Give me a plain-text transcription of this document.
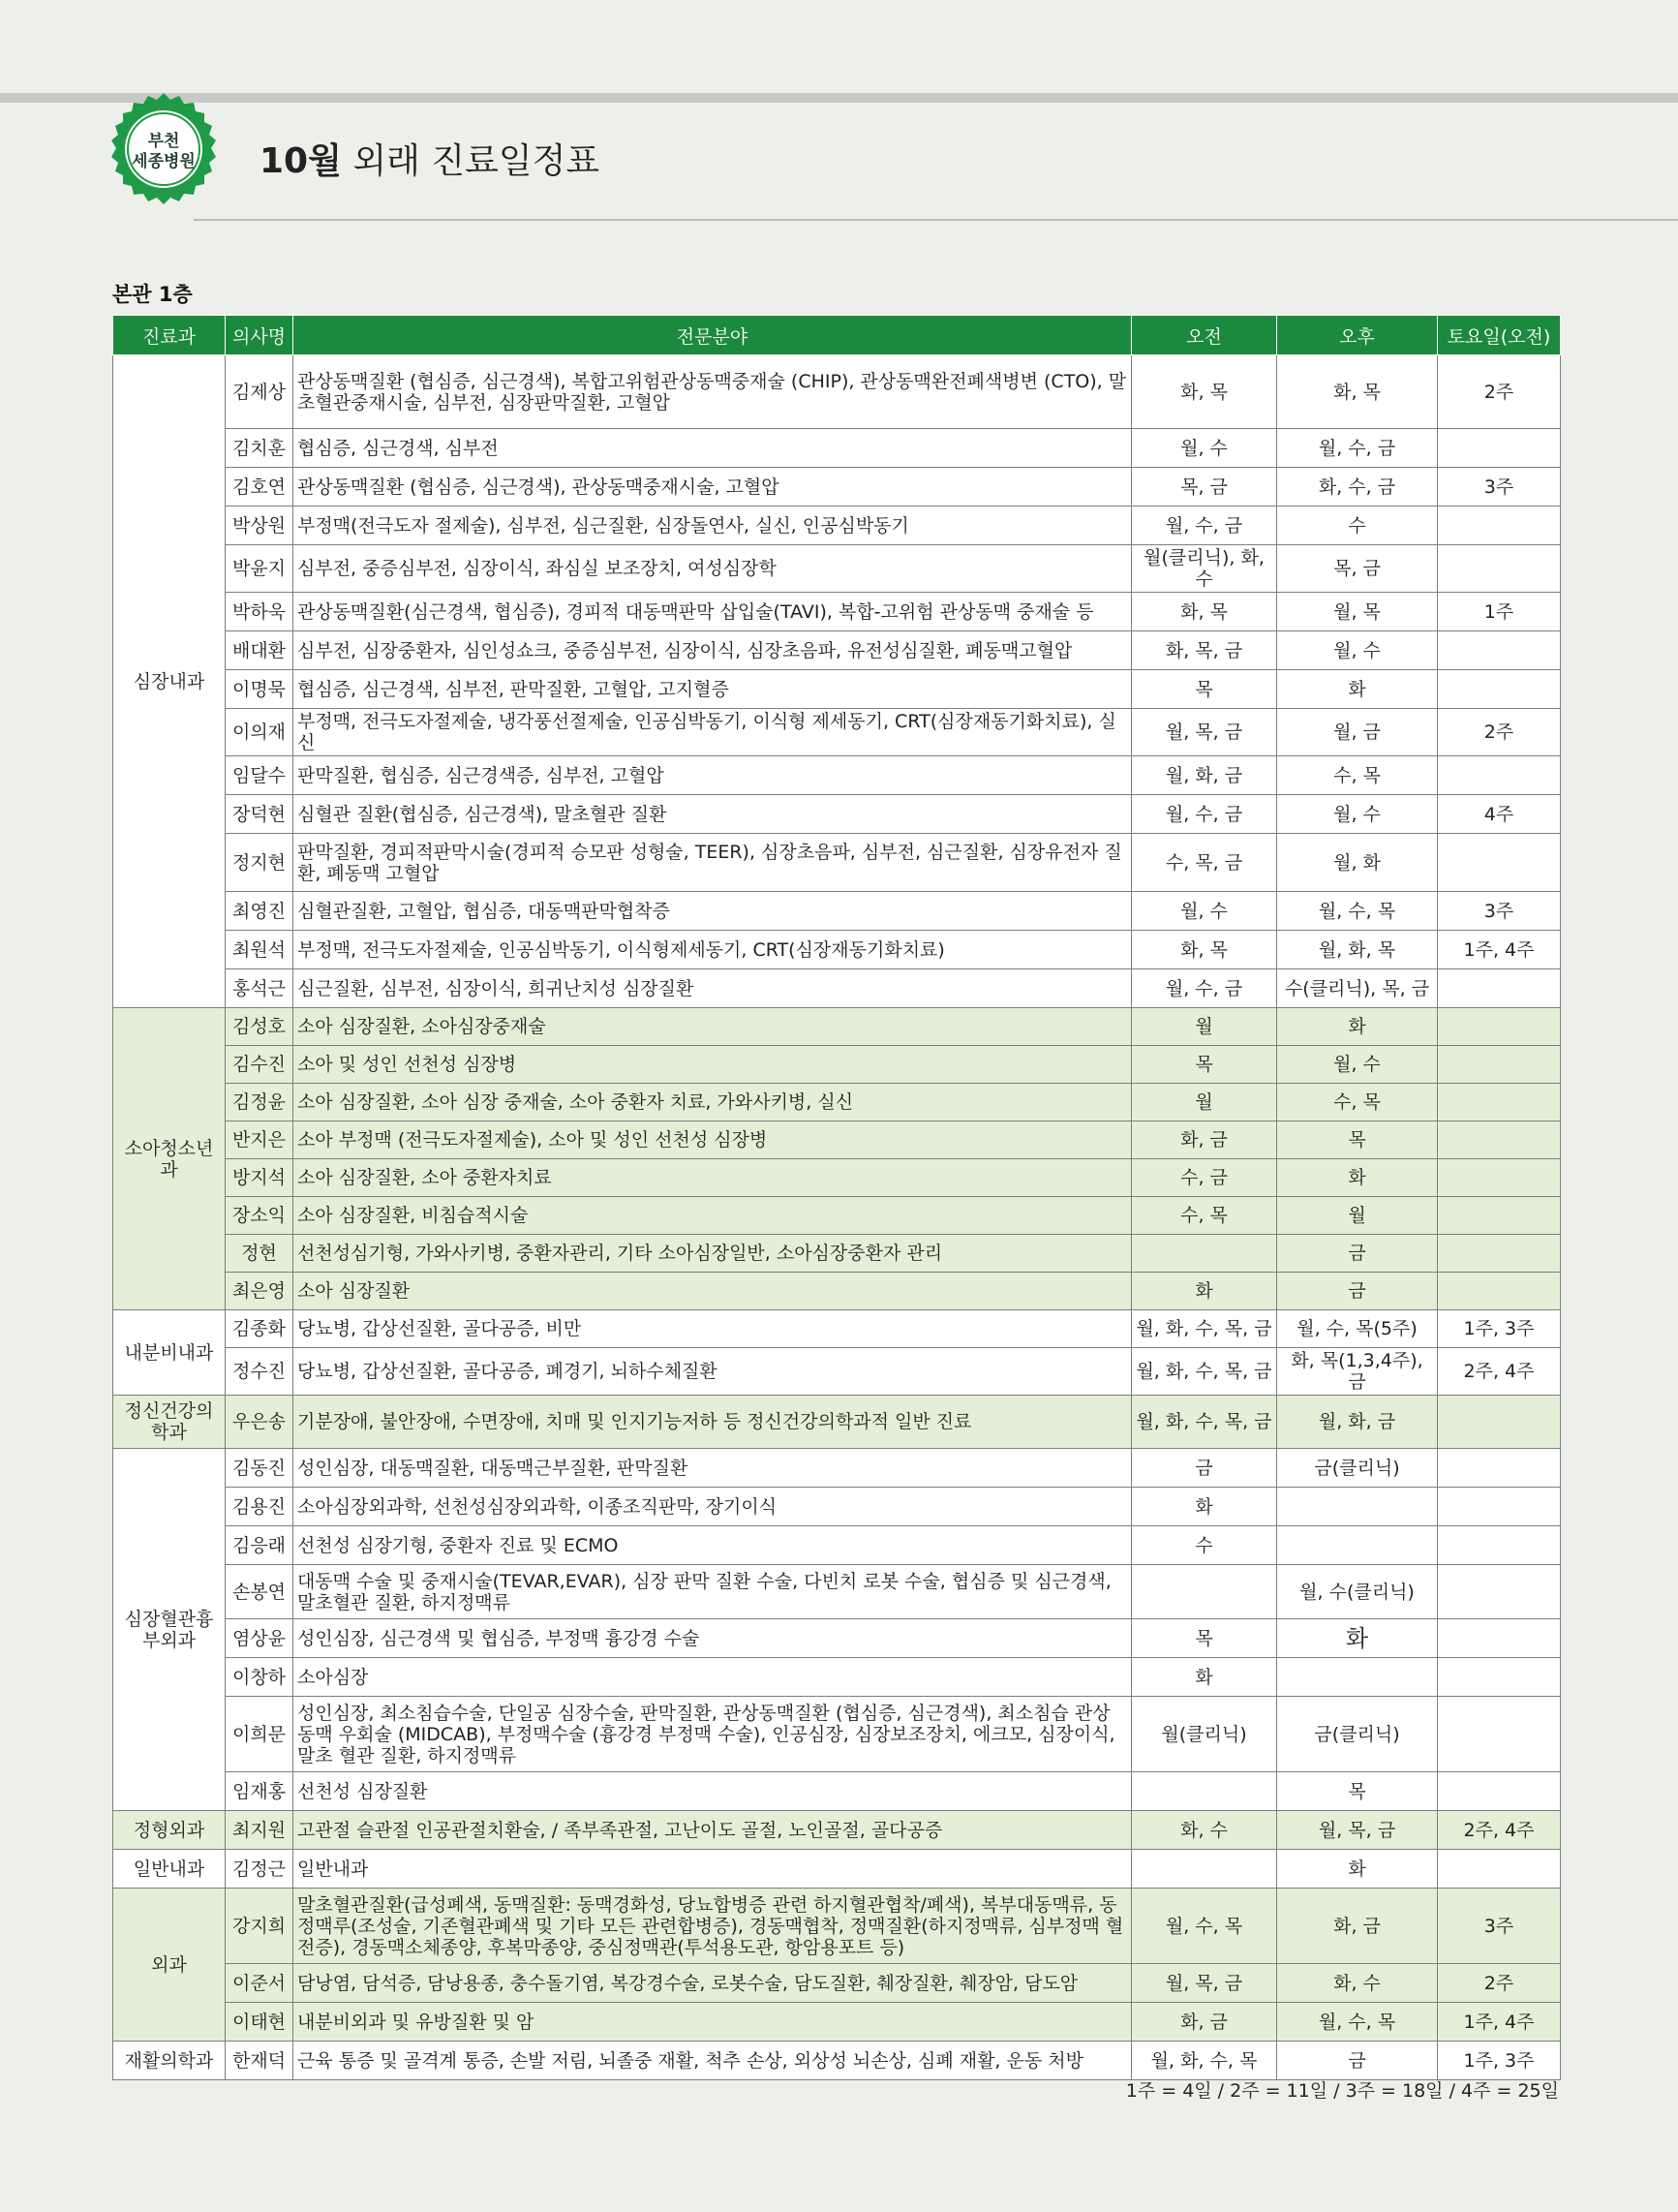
부천
세종병원	10월 외래 진료일정표
본관 1층
진료과	의사명	전문분야	오전	오후	토요일(오전)
심장내과	김제상	관상동맥질환 (협심증, 심근경색), 복합고위험관상동맥중재술 (CHIP), 관상동맥완전폐색병변 (CTO), 말초혈관중재시술, 심부전, 심장판막질환, 고혈압	화, 목	화, 목	2주
	김치훈	협심증, 심근경색, 심부전	월, 수	월, 수, 금	
	김호연	관상동맥질환 (협심증, 심근경색), 관상동맥중재시술, 고혈압	목, 금	화, 수, 금	3주
	박상원	부정맥(전극도자 절제술), 심부전, 심근질환, 심장돌연사, 실신, 인공심박동기	월, 수, 금	수	
	박윤지	심부전, 중증심부전, 심장이식, 좌심실 보조장치, 여성심장학	월(클리닉), 화, 수	목, 금	
	박하욱	관상동맥질환(심근경색, 협심증), 경피적 대동맥판막 삽입술(TAVI), 복합-고위험 관상동맥 중재술 등	화, 목	월, 목	1주
	배대환	심부전, 심장중환자, 심인성쇼크, 중증심부전, 심장이식, 심장초음파, 유전성심질환, 폐동맥고혈압	화, 목, 금	월, 수	
	이명묵	협심증, 심근경색, 심부전, 판막질환, 고혈압, 고지혈증	목	화	
	이의재	부정맥, 전극도자절제술, 냉각풍선절제술, 인공심박동기, 이식형 제세동기, CRT(심장재동기화치료), 실신	월, 목, 금	월, 금	2주
	임달수	판막질환, 협심증, 심근경색증, 심부전, 고혈압	월, 화, 금	수, 목	
	장덕현	심혈관 질환(협심증, 심근경색), 말초혈관 질환	월, 수, 금	월, 수	4주
	정지현	판막질환, 경피적판막시술(경피적 승모판 성형술, TEER), 심장초음파, 심부전, 심근질환, 심장유전자 질환, 폐동맥 고혈압	수, 목, 금	월, 화	
	최영진	심혈관질환, 고혈압, 협심증, 대동맥판막협착증	월, 수	월, 수, 목	3주
	최원석	부정맥, 전극도자절제술, 인공심박동기, 이식형제세동기, CRT(심장재동기화치료)	화, 목	월, 화, 목	1주, 4주
	홍석근	심근질환, 심부전, 심장이식, 희귀난치성 심장질환	월, 수, 금	수(클리닉), 목, 금	
소아청소년과	김성호	소아 심장질환, 소아심장중재술	월	화	
	김수진	소아 및 성인 선천성 심장병	목	월, 수	
	김정윤	소아 심장질환, 소아 심장 중재술, 소아 중환자 치료, 가와사키병, 실신	월	수, 목	
	반지은	소아 부정맥 (전극도자절제술), 소아 및 성인 선천성 심장병	화, 금	목	
	방지석	소아 심장질환, 소아 중환자치료	수, 금	화	
	장소익	소아 심장질환, 비침습적시술	수, 목	월	
	정현	선천성심기형, 가와사키병, 중환자관리, 기타 소아심장일반, 소아심장중환자 관리		금	
	최은영	소아 심장질환	화	금	
내분비내과	김종화	당뇨병, 갑상선질환, 골다공증, 비만	월, 화, 수, 목, 금	월, 수, 목(5주)	1주, 3주
	정수진	당뇨병, 갑상선질환, 골다공증, 폐경기, 뇌하수체질환	월, 화, 수, 목, 금	화, 목(1,3,4주), 금	2주, 4주
정신건강의학과	우은송	기분장애, 불안장애, 수면장애, 치매 및 인지기능저하 등 정신건강의학과적 일반 진료	월, 화, 수, 목, 금	월, 화, 금	
심장혈관흉부외과	김동진	성인심장, 대동맥질환, 대동맥근부질환, 판막질환	금	금(클리닉)	
	김용진	소아심장외과학, 선천성심장외과학, 이종조직판막, 장기이식	화		
	김응래	선천성 심장기형, 중환자 진료 및 ECMO	수		
	손봉연	대동맥 수술 및 중재시술(TEVAR,EVAR), 심장 판막 질환 수술, 다빈치 로봇 수술, 협심증 및 심근경색, 말초혈관 질환, 하지정맥류		월, 수(클리닉)	
	염상윤	성인심장, 심근경색 및 협심증, 부정맥 흉강경 수술	목	화	
	이창하	소아심장	화		
	이희문	성인심장, 최소침습수술, 단일공 심장수술, 판막질환, 관상동맥질환 (협심증, 심근경색), 최소침습 관상동맥 우회술 (MIDCAB), 부정맥수술 (흉강경 부정맥 수술), 인공심장, 심장보조장치, 에크모, 심장이식, 말초 혈관 질환, 하지정맥류	월(클리닉)	금(클리닉)	
	임재홍	선천성 심장질환		목	
정형외과	최지원	고관절 슬관절 인공관절치환술, / 족부족관절, 고난이도 골절, 노인골절, 골다공증	화, 수	월, 목, 금	2주, 4주
일반내과	김정근	일반내과		화	
외과	강지희	말초혈관질환(급성폐색, 동맥질환: 동맥경화성, 당뇨합병증 관련 하지혈관협착/폐색), 복부대동맥류, 동정맥루(조성술, 기존혈관폐색 및 기타 모든 관련합병증), 경동맥협착, 정맥질환(하지정맥류, 심부정맥 혈전증), 경동맥소체종양, 후복막종양, 중심정맥관(투석용도관, 항암용포트 등)	월, 수, 목	화, 금	3주
	이준서	담낭염, 담석증, 담낭용종, 충수돌기염, 복강경수술, 로봇수술, 담도질환, 췌장질환, 췌장암, 담도암	월, 목, 금	화, 수	2주
	이태현	내분비외과 및 유방질환 및 암	화, 금	월, 수, 목	1주, 4주
재활의학과	한재덕	근육 통증 및 골격계 통증, 손발 저림, 뇌졸중 재활, 척추 손상, 외상성 뇌손상, 심폐 재활, 운동 처방	월, 화, 수, 목	금	1주, 3주
1주 = 4일 / 2주 = 11일 / 3주 = 18일 / 4주 = 25일
